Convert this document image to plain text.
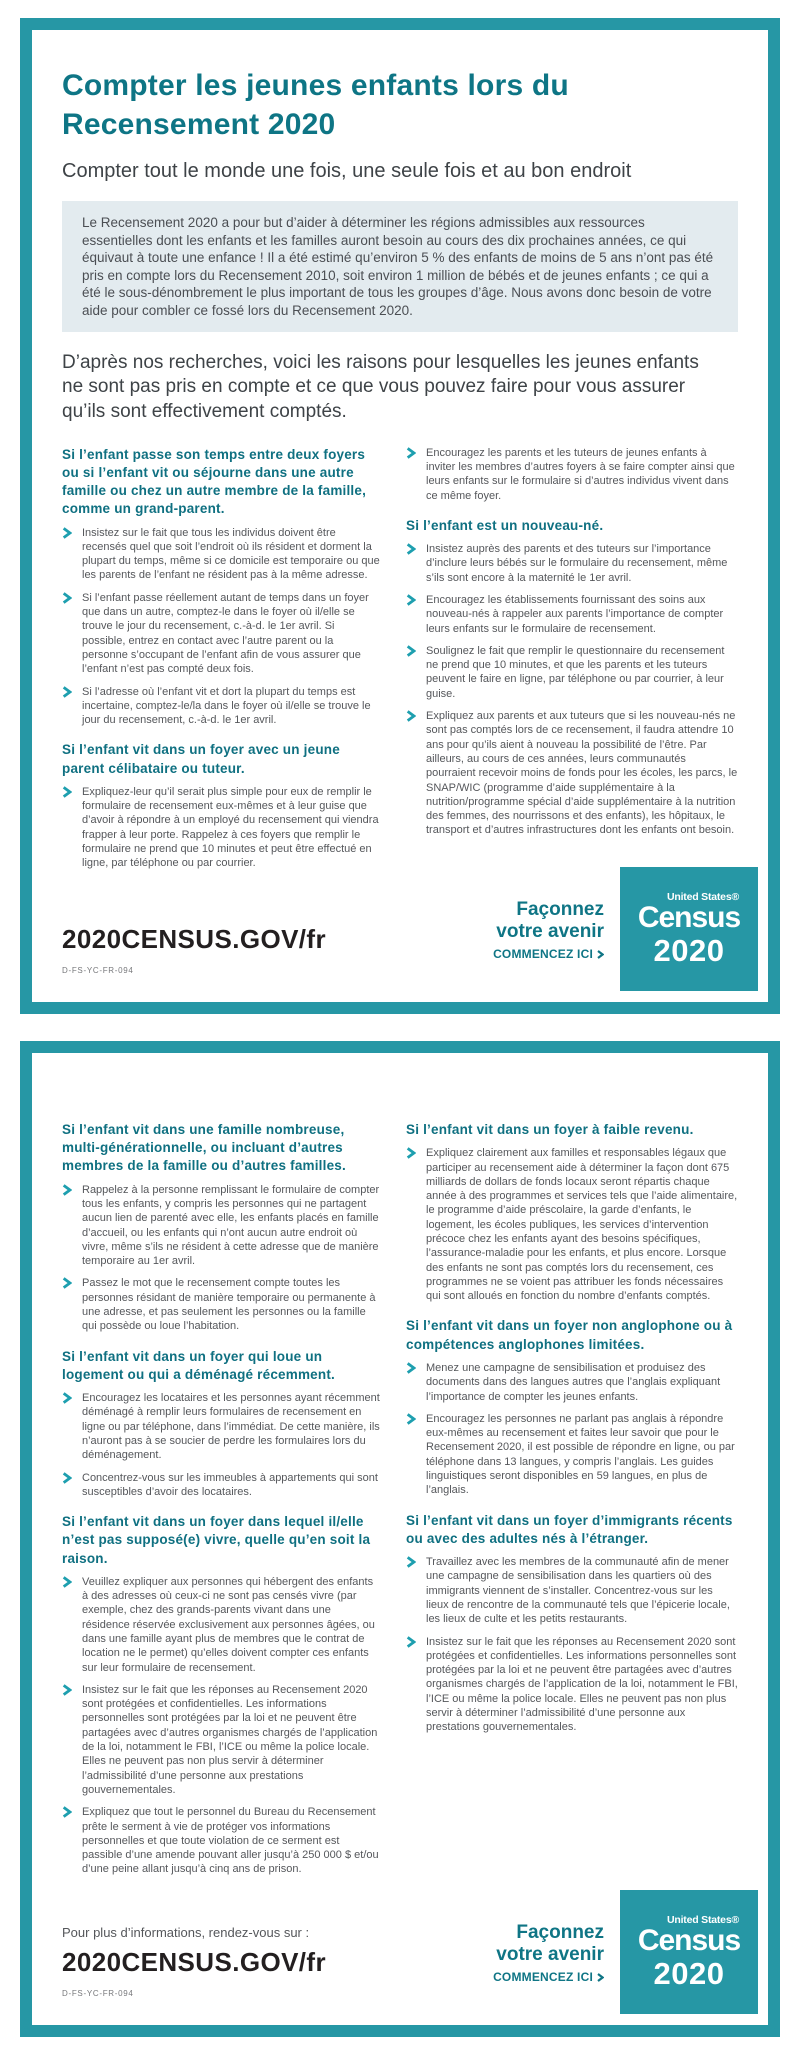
Compter les jeunes enfants lors du Recensement 2020

Compter tout le monde une fois, une seule fois et au bon endroit

Le Recensement 2020 a pour but d’aider à déterminer les régions admissibles aux ressources essentielles dont les enfants et les familles auront besoin au cours des dix prochaines années, ce qui équivaut à toute une enfance ! Il a été estimé qu’environ 5 % des enfants de moins de 5 ans n’ont pas été pris en compte lors du Recensement 2010, soit environ 1 million de bébés et de jeunes enfants ; ce qui a été le sous-dénombrement le plus important de tous les groupes d’âge. Nous avons donc besoin de votre aide pour combler ce fossé lors du Recensement 2020.

D’après nos recherches, voici les raisons pour lesquelles les jeunes enfants ne sont pas pris en compte et ce que vous pouvez faire pour vous assurer qu’ils sont effectivement comptés.

Si l’enfant passe son temps entre deux foyers ou si l’enfant vit ou séjourne dans une autre famille ou chez un autre membre de la famille, comme un grand-parent.
Insistez sur le fait que tous les individus doivent être recensés quel que soit l’endroit où ils résident et dorment la plupart du temps, même si ce domicile est temporaire ou que les parents de l’enfant ne résident pas à la même adresse.
Si l’enfant passe réellement autant de temps dans un foyer que dans un autre, comptez-le dans le foyer où il/elle se trouve le jour du recensement, c.-à-d. le 1er avril. Si possible, entrez en contact avec l’autre parent ou la personne s’occupant de l’enfant afin de vous assurer que l’enfant n’est pas compté deux fois.
Si l’adresse où l’enfant vit et dort la plupart du temps est incertaine, comptez-le/la dans le foyer où il/elle se trouve le jour du recensement, c.-à-d. le 1er avril.
Si l’enfant vit dans un foyer avec un jeune parent célibataire ou tuteur.
Expliquez-leur qu’il serait plus simple pour eux de remplir le formulaire de recensement eux-mêmes et à leur guise que d’avoir à répondre à un employé du recensement qui viendra frapper à leur porte. Rappelez à ces foyers que remplir le formulaire ne prend que 10 minutes et peut être effectué en ligne, par téléphone ou par courrier.
Encouragez les parents et les tuteurs de jeunes enfants à inviter les membres d’autres foyers à se faire compter ainsi que leurs enfants sur le formulaire si d’autres individus vivent dans ce même foyer.
Si l’enfant est un nouveau-né.
Insistez auprès des parents et des tuteurs sur l’importance d’inclure leurs bébés sur le formulaire du recensement, même s’ils sont encore à la maternité le 1er avril.
Encouragez les établissements fournissant des soins aux nouveau-nés à rappeler aux parents l’importance de compter leurs enfants sur le formulaire de recensement.
Soulignez le fait que remplir le questionnaire du recensement ne prend que 10 minutes, et que les parents et les tuteurs peuvent le faire en ligne, par téléphone ou par courrier, à leur guise.
Expliquez aux parents et aux tuteurs que si les nouveau-nés ne sont pas comptés lors de ce recensement, il faudra attendre 10 ans pour qu’ils aient à nouveau la possibilité de l’être. Par ailleurs, au cours de ces années, leurs communautés pourraient recevoir moins de fonds pour les écoles, les parcs, le SNAP/WIC (programme d’aide supplémentaire à la nutrition/programme spécial d’aide supplémentaire à la nutrition des femmes, des nourrissons et des enfants), les hôpitaux, le transport et d’autres infrastructures dont les enfants ont besoin.
2020CENSUS.GOV/fr
D-FS-YC-FR-094
Façonnez
votre avenir
COMMENCEZ ICI
United States®
Census
2020
Si l’enfant vit dans une famille nombreuse, multi-générationnelle, ou incluant d’autres membres de la famille ou d’autres familles.
Rappelez à la personne remplissant le formulaire de compter tous les enfants, y compris les personnes qui ne partagent aucun lien de parenté avec elle, les enfants placés en famille d’accueil, ou les enfants qui n’ont aucun autre endroit où vivre, même s’ils ne résident à cette adresse que de manière temporaire au 1er avril.
Passez le mot que le recensement compte toutes les personnes résidant de manière temporaire ou permanente à une adresse, et pas seulement les personnes ou la famille qui possède ou loue l’habitation.
Si l’enfant vit dans un foyer qui loue un logement ou qui a déménagé récemment.
Encouragez les locataires et les personnes ayant récemment déménagé à remplir leurs formulaires de recensement en ligne ou par téléphone, dans l’immédiat. De cette manière, ils n’auront pas à se soucier de perdre les formulaires lors du déménagement.
Concentrez-vous sur les immeubles à appartements qui sont susceptibles d’avoir des locataires.
Si l’enfant vit dans un foyer dans lequel il/elle n’est pas supposé(e) vivre, quelle qu’en soit la raison.
Veuillez expliquer aux personnes qui hébergent des enfants à des adresses où ceux-ci ne sont pas censés vivre (par exemple, chez des grands-parents vivant dans une résidence réservée exclusivement aux personnes âgées, ou dans une famille ayant plus de membres que le contrat de location ne le permet) qu’elles doivent compter ces enfants sur leur formulaire de recensement.
Insistez sur le fait que les réponses au Recensement 2020 sont protégées et confidentielles. Les informations personnelles sont protégées par la loi et ne peuvent être partagées avec d’autres organismes chargés de l’application de la loi, notamment le FBI, l’ICE ou même la police locale. Elles ne peuvent pas non plus servir à déterminer l’admissibilité d’une personne aux prestations gouvernementales.
Expliquez que tout le personnel du Bureau du Recensement prête le serment à vie de protéger vos informations personnelles et que toute violation de ce serment est passible d’une amende pouvant aller jusqu’à 250 000 $ et/ou d’une peine allant jusqu’à cinq ans de prison.
Si l’enfant vit dans un foyer à faible revenu.
Expliquez clairement aux familles et responsables légaux que participer au recensement aide à déterminer la façon dont 675 milliards de dollars de fonds locaux seront répartis chaque année à des programmes et services tels que l’aide alimentaire, le programme d’aide préscolaire, la garde d’enfants, le logement, les écoles publiques, les services d’intervention précoce chez les enfants ayant des besoins spécifiques, l’assurance-maladie pour les enfants, et plus encore. Lorsque des enfants ne sont pas comptés lors du recensement, ces programmes ne se voient pas attribuer les fonds nécessaires qui sont alloués en fonction du nombre d’enfants comptés.
Si l’enfant vit dans un foyer non anglophone ou à compétences anglophones limitées.
Menez une campagne de sensibilisation et produisez des documents dans des langues autres que l’anglais expliquant l’importance de compter les jeunes enfants.
Encouragez les personnes ne parlant pas anglais à répondre eux-mêmes au recensement et faites leur savoir que pour le Recensement 2020, il est possible de répondre en ligne, ou par téléphone dans 13 langues, y compris l’anglais. Les guides linguistiques seront disponibles en 59 langues, en plus de l’anglais.
Si l’enfant vit dans un foyer d’immigrants récents ou avec des adultes nés à l’étranger.
Travaillez avec les membres de la communauté afin de mener une campagne de sensibilisation dans les quartiers où des immigrants viennent de s’installer. Concentrez-vous sur les lieux de rencontre de la communauté tels que l’épicerie locale, les lieux de culte et les petits restaurants.
Insistez sur le fait que les réponses au Recensement 2020 sont protégées et confidentielles. Les informations personnelles sont protégées par la loi et ne peuvent être partagées avec d’autres organismes chargés de l’application de la loi, notamment le FBI, l’ICE ou même la police locale. Elles ne peuvent pas non plus servir à déterminer l’admissibilité d’une personne aux prestations gouvernementales.
Pour plus d’informations, rendez-vous sur :
2020CENSUS.GOV/fr
D-FS-YC-FR-094
Façonnez
votre avenir
COMMENCEZ ICI
United States®
Census
2020
